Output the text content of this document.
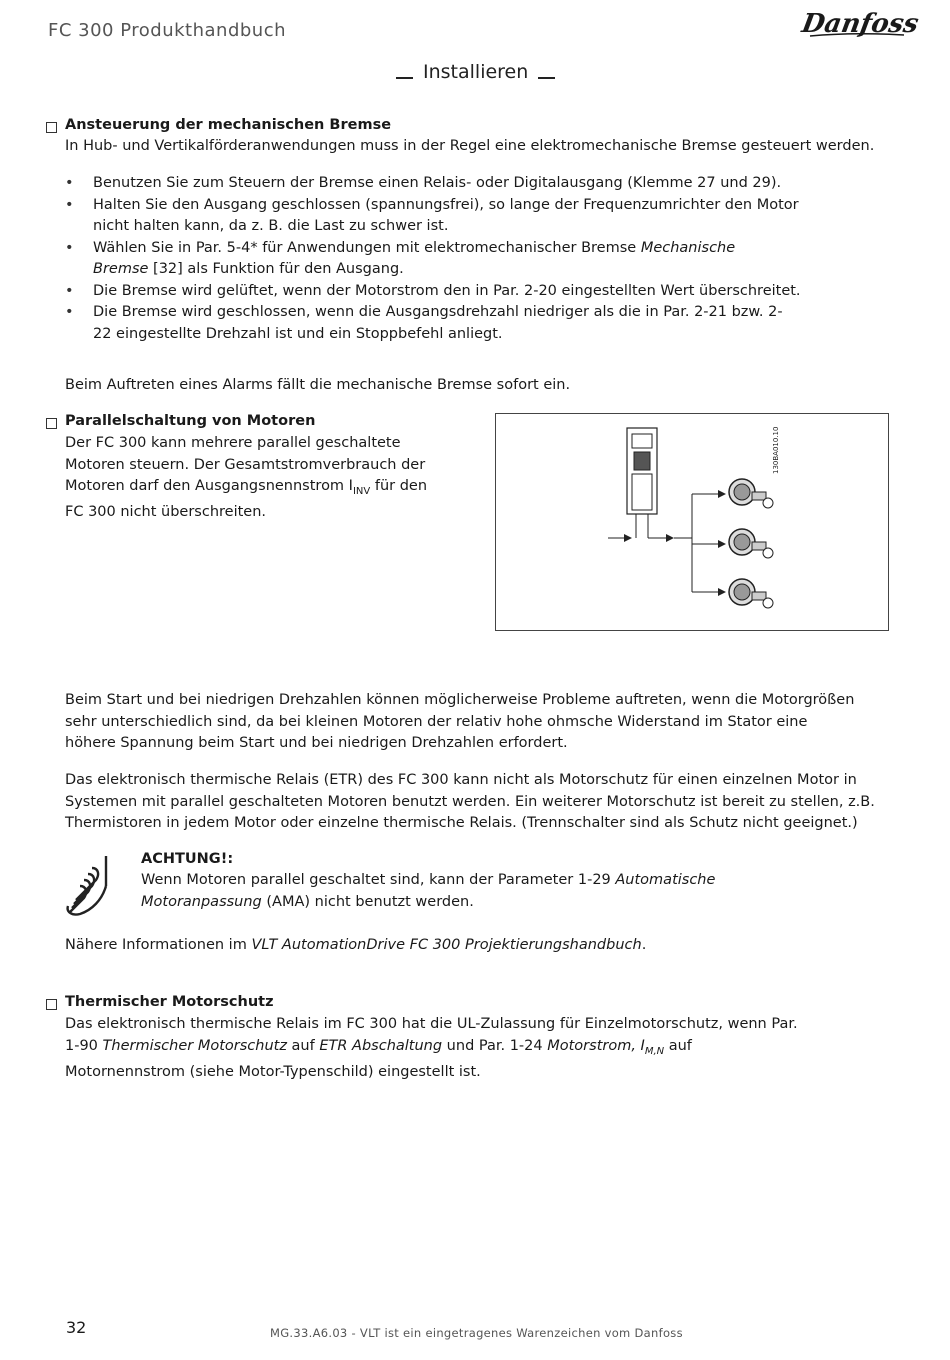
FC 300 Produkthandbuch	Danfoss
Installieren
Ansteuerung der mechanischen Bremse
In Hub- und Vertikalförderanwendungen muss in der Regel eine elektromechanische Bremse gesteuert werden.
• Benutzen Sie zum Steuern der Bremse einen Relais- oder Digitalausgang (Klemme 27 und 29).
• Halten Sie den Ausgang geschlossen (spannungsfrei), so lange der Frequenzumrichter den Motor nicht halten kann, da z. B. die Last zu schwer ist.
• Wählen Sie in Par. 5-4* für Anwendungen mit elektromechanischer Bremse Mechanische Bremse [32] als Funktion für den Ausgang.
• Die Bremse wird gelüftet, wenn der Motorstrom den in Par. 2-20 eingestellten Wert überschreitet.
• Die Bremse wird geschlossen, wenn die Ausgangsdrehzahl niedriger als die in Par. 2-21 bzw. 2-22 eingestellte Drehzahl ist und ein Stoppbefehl anliegt.
Beim Auftreten eines Alarms fällt die mechanische Bremse sofort ein.
Parallelschaltung von Motoren
Der FC 300 kann mehrere parallel geschaltete Motoren steuern. Der Gesamtstromverbrauch der Motoren darf den Ausgangsnennstrom $I_{INV}$ für den FC 300 nicht überschreiten.
130BA010.10
Beim Start und bei niedrigen Drehzahlen können möglicherweise Probleme auftreten, wenn die Motorgrößen sehr unterschiedlich sind, da bei kleinen Motoren der relativ hohe ohmsche Widerstand im Stator eine höhere Spannung beim Start und bei niedrigen Drehzahlen erfordert.
Das elektronisch thermische Relais (ETR) des FC 300 kann nicht als Motorschutz für einen einzelnen Motor in Systemen mit parallel geschalteten Motoren benutzt werden. Ein weiterer Motorschutz ist bereit zu stellen, z.B. Thermistoren in jedem Motor oder einzelne thermische Relais. (Trennschalter sind als Schutz nicht geeignet.)
ACHTUNG!:
Wenn Motoren parallel geschaltet sind, kann der Parameter 1-29 Automatische Motoranpassung (AMA) nicht benutzt werden.
Nähere Informationen im VLT AutomationDrive FC 300 Projektierungshandbuch.
Thermischer Motorschutz
Das elektronisch thermische Relais im FC 300 hat die UL-Zulassung für Einzelmotorschutz, wenn Par. 1-90 Thermischer Motorschutz auf ETR Abschaltung und Par. 1-24 Motorstrom, $I_{M,N}$ auf Motornennstrom (siehe Motor-Typenschild) eingestellt ist.
32	MG.33.A6.03 - VLT ist ein eingetragenes Warenzeichen vom Danfoss
